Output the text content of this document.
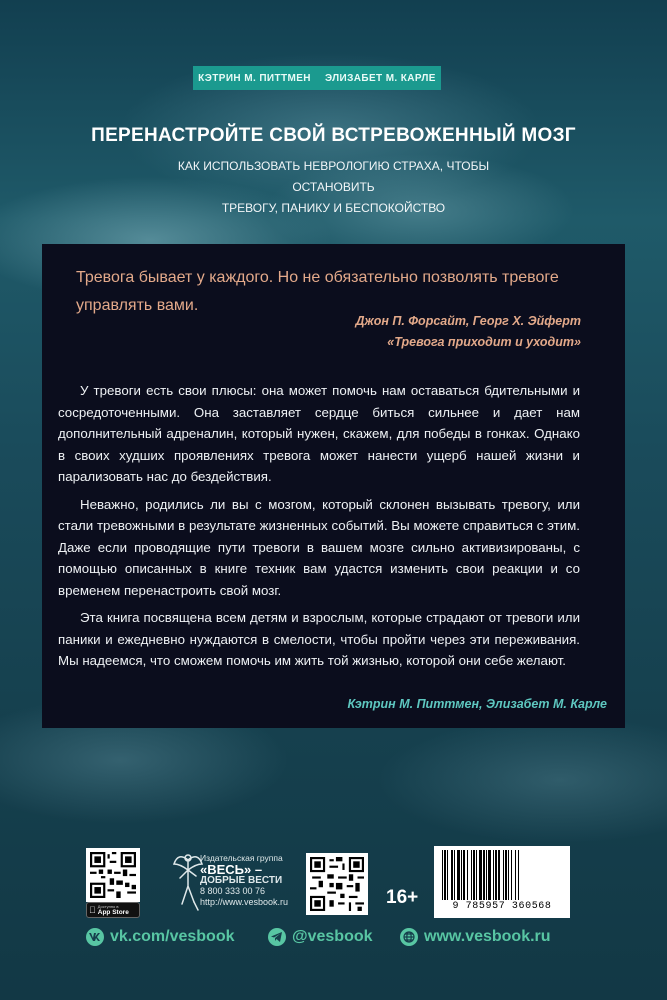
КЭТРИН М. ПИТТМЕН ЭЛИЗАБЕТ М. КАРЛЕ
ПЕРЕНАСТРОЙТЕ СВОЙ ВСТРЕВОЖЕННЫЙ МОЗГ
КАК ИСПОЛЬЗОВАТЬ НЕВРОЛОГИЮ СТРАХА, ЧТОБЫ ОСТАНОВИТЬ
ТРЕВОГУ, ПАНИКУ И БЕСПОКОЙСТВО
Тревога бывает у каждого. Но не обязательно позволять тревоге управлять вами.
Джон П. Форсайт, Георг Х. Эйферт
«Тревога приходит и уходит»

У тревоги есть свои плюсы: она может помочь нам оставаться бдительными и сосредоточенными. Она заставляет сердце биться сильнее и дает нам дополнительный адреналин, который нужен, скажем, для победы в гонках. Однако в своих худших проявлениях тревога может нанести ущерб нашей жизни и парализовать нас до бездействия.

Неважно, родились ли вы с мозгом, который склонен вызывать тревогу, или стали тревожными в результате жизненных событий. Вы можете справиться с этим. Даже если проводящие пути тревоги в вашем мозге сильно активизированы, с помощью описанных в книге техник вам удастся изменить свои реакции и со временем перенастроить свой мозг.

Эта книга посвящена всем детям и взрослым, которые страдают от тревоги или паники и ежедневно нуждаются в смелости, чтобы пройти через эти переживания. Мы надеемся, что сможем помочь им жить той жизнью, которой они себе желают.

Кэтрин М. Питтмен, Элизабет М. Карле
Доступно в
App Store
Издательская группа
«ВЕСЬ» –
ДОБРЫЕ ВЕСТИ
8 800 333 00 76
http://www.vesbook.ru	16+	9 785957 360568
vk.com/vesbook	@vesbook	www.vesbook.ru
